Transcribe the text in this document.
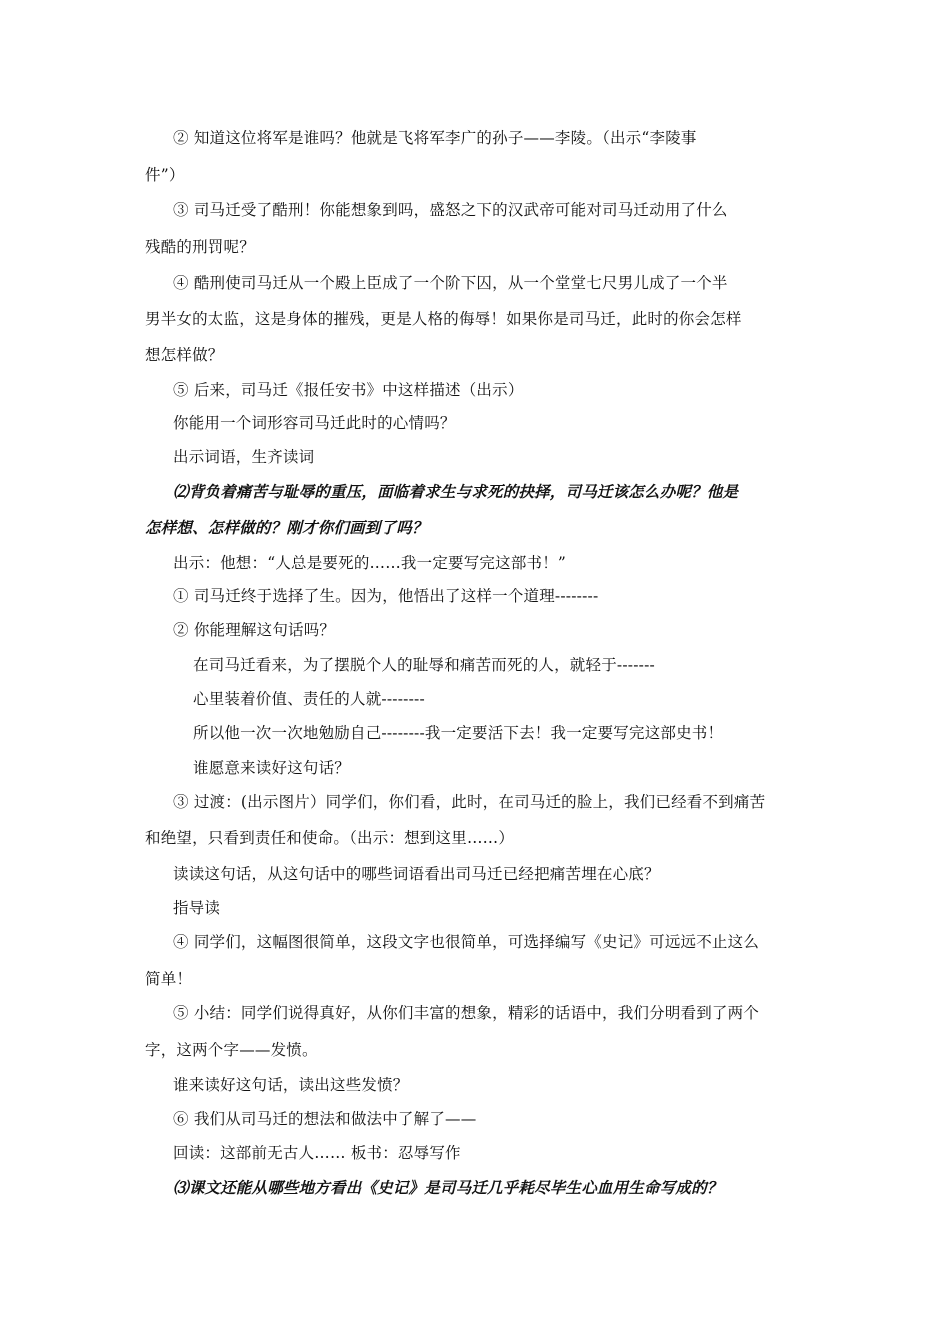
② 知道这位将军是谁吗？他就是飞将军李广的孙子——李陵。（出示“李陵事
件”）
③ 司马迁受了酷刑！你能想象到吗，盛怒之下的汉武帝可能对司马迁动用了什么
残酷的刑罚呢？
④ 酷刑使司马迁从一个殿上臣成了一个阶下囚，从一个堂堂七尺男儿成了一个半
男半女的太监，这是身体的摧残，更是人格的侮辱！如果你是司马迁，此时的你会怎样
想怎样做？
⑤ 后来，司马迁《报任安书》中这样描述（出示）
你能用一个词形容司马迁此时的心情吗？
出示词语，生齐读词
⑵背负着痛苦与耻辱的重压，面临着求生与求死的抉择，司马迁该怎么办呢？他是
怎样想、怎样做的？刚才你们画到了吗？
出示：他想：“人总是要死的……我一定要写完这部书！”
① 司马迁终于选择了生。因为，他悟出了这样一个道理--------
② 你能理解这句话吗？
在司马迁看来，为了摆脱个人的耻辱和痛苦而死的人，就轻于-------
心里装着价值、责任的人就--------
所以他一次一次地勉励自己--------我一定要活下去！我一定要写完这部史书！
谁愿意来读好这句话？
③ 过渡：(出示图片）同学们，你们看，此时，在司马迁的脸上，我们已经看不到痛苦
和绝望，只看到责任和使命。（出示：想到这里……）
读读这句话，从这句话中的哪些词语看出司马迁已经把痛苦埋在心底？
指导读
④ 同学们，这幅图很简单，这段文字也很简单，可选择编写《史记》可远远不止这么
简单！
⑤ 小结：同学们说得真好，从你们丰富的想象，精彩的话语中，我们分明看到了两个
字，这两个字——发愤。
谁来读好这句话，读出这些发愤？
⑥ 我们从司马迁的想法和做法中了解了——
回读：这部前无古人…… 板书：忍辱写作
⑶课文还能从哪些地方看出《史记》是司马迁几乎耗尽毕生心血用生命写成的？
